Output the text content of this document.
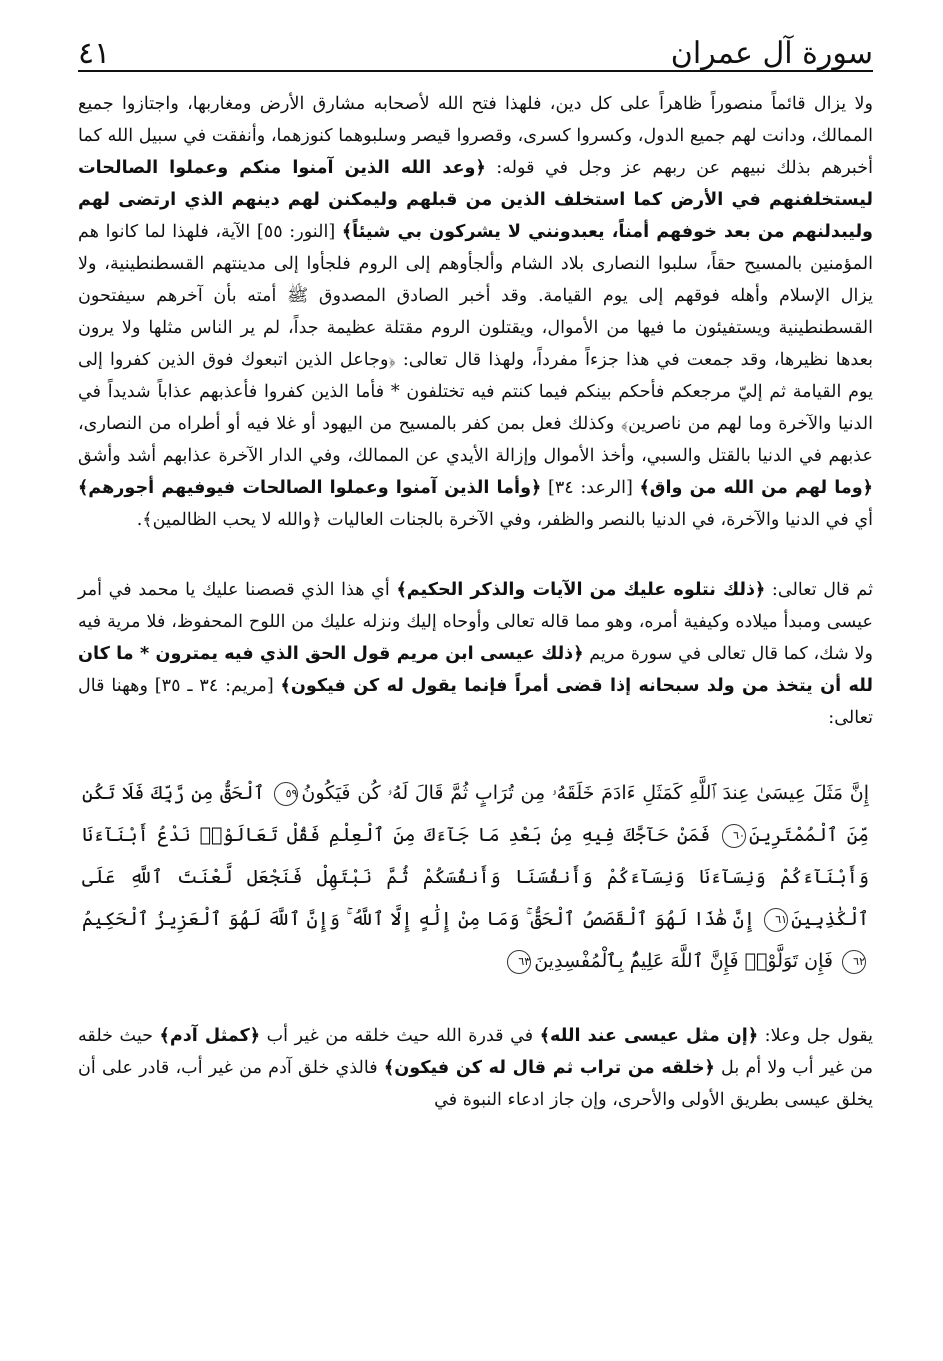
سورة آل عمران
٤١

ولا يزال قائماً منصوراً ظاهراً على كل دين، فلهذا فتح الله لأصحابه مشارق الأرض ومغاربها، واجتازوا جميع الممالك، ودانت لهم جميع الدول، وكسروا كسرى، وقصروا قيصر وسلبوهما كنوزهما، وأنفقت في سبيل الله كما أخبرهم بذلك نبيهم عن ربهم عز وجل في قوله: ﴿وعد الله الذين آمنوا منكم وعملوا الصالحات ليستخلفنهم في الأرض كما استخلف الذين من قبلهم وليمكنن لهم دينهم الذي ارتضى لهم وليبدلنهم من بعد خوفهم أمناً، يعبدونني لا يشركون بي شيئاً﴾ [النور: ٥٥] الآية، فلهذا لما كانوا هم المؤمنين بالمسيح حقاً، سلبوا النصارى بلاد الشام وألجأوهم إلى الروم فلجأوا إلى مدينتهم القسطنطينية، ولا يزال الإسلام وأهله فوقهم إلى يوم القيامة. وقد أخبر الصادق المصدوق ﷺ أمته بأن آخرهم سيفتحون القسطنطينية ويستفيئون ما فيها من الأموال، ويقتلون الروم مقتلة عظيمة جداً، لم ير الناس مثلها ولا يرون بعدها نظيرها، وقد جمعت في هذا جزءاً مفرداً، ولهذا قال تعالى: ﴿وجاعل الذين اتبعوك فوق الذين كفروا إلى يوم القيامة ثم إليّ مرجعكم فأحكم بينكم فيما كنتم فيه تختلفون * فأما الذين كفروا فأعذبهم عذاباً شديداً في الدنيا والآخرة وما لهم من ناصرين﴾ وكذلك فعل بمن كفر بالمسيح من اليهود أو غلا فيه أو أطراه من النصارى، عذبهم في الدنيا بالقتل والسبي، وأخذ الأموال وإزالة الأيدي عن الممالك، وفي الدار الآخرة عذابهم أشد وأشق ﴿وما لهم من الله من واق﴾ [الرعد: ٣٤] ﴿وأما الذين آمنوا وعملوا الصالحات فيوفيهم أجورهم﴾ أي في الدنيا والآخرة، في الدنيا بالنصر والظفر، وفي الآخرة بالجنات العاليات ﴿والله لا يحب الظالمين﴾.

ثم قال تعالى: ﴿ذلك نتلوه عليك من الآيات والذكر الحكيم﴾ أي هذا الذي قصصنا عليك يا محمد في أمر عيسى ومبدأ ميلاده وكيفية أمره، وهو مما قاله تعالى وأوحاه إليك ونزله عليك من اللوح المحفوظ، فلا مرية فيه ولا شك، كما قال تعالى في سورة مريم ﴿ذلك عيسى ابن مريم قول الحق الذي فيه يمترون * ما كان لله أن يتخذ من ولد سبحانه إذا قضى أمراً فإنما يقول له كن فيكون﴾ [مريم: ٣٤ ـ ٣٥] وههنا قال تعالى:

إِنَّ مَثَلَ عِيسَىٰ عِندَ ٱللَّهِ كَمَثَلِ ءَادَمَ خَلَقَهُۥ مِن تُرَابٍ ثُمَّ قَالَ لَهُۥ كُن فَيَكُونُ٥٩ ٱلْحَقُّ مِن رَّبِّكَ فَلَا تَكُن مِّنَ ٱلْمُمْتَرِينَ٦٠ فَمَنْ حَآجَّكَ فِيهِ مِنۢ بَعْدِ مَا جَآءَكَ مِنَ ٱلْعِلْمِ فَقُلْ تَعَالَوْا۟ نَدْعُ أَبْنَآءَنَا وَأَبْنَآءَكُمْ وَنِسَآءَنَا وَنِسَآءَكُمْ وَأَنفُسَنَا وَأَنفُسَكُمْ ثُمَّ نَبْتَهِلْ فَنَجْعَل لَّعْنَتَ ٱللَّهِ عَلَى ٱلْكَٰذِبِينَ٦١ إِنَّ هَٰذَا لَهُوَ ٱلْقَصَصُ ٱلْحَقُّ ۚ وَمَا مِنْ إِلَٰهٍ إِلَّا ٱللَّهُ ۚ وَإِنَّ ٱللَّهَ لَهُوَ ٱلْعَزِيزُ ٱلْحَكِيمُ٦٢ فَإِن تَوَلَّوْا۟ فَإِنَّ ٱللَّهَ عَلِيمٌۢ بِٱلْمُفْسِدِينَ٦٣

يقول جل وعلا: ﴿إن مثل عيسى عند الله﴾ في قدرة الله حيث خلقه من غير أب ﴿كمثل آدم﴾ حيث خلقه من غير أب ولا أم بل ﴿خلقه من تراب ثم قال له كن فيكون﴾ فالذي خلق آدم من غير أب، قادر على أن يخلق عيسى بطريق الأولى والأحرى، وإن جاز ادعاء النبوة في
